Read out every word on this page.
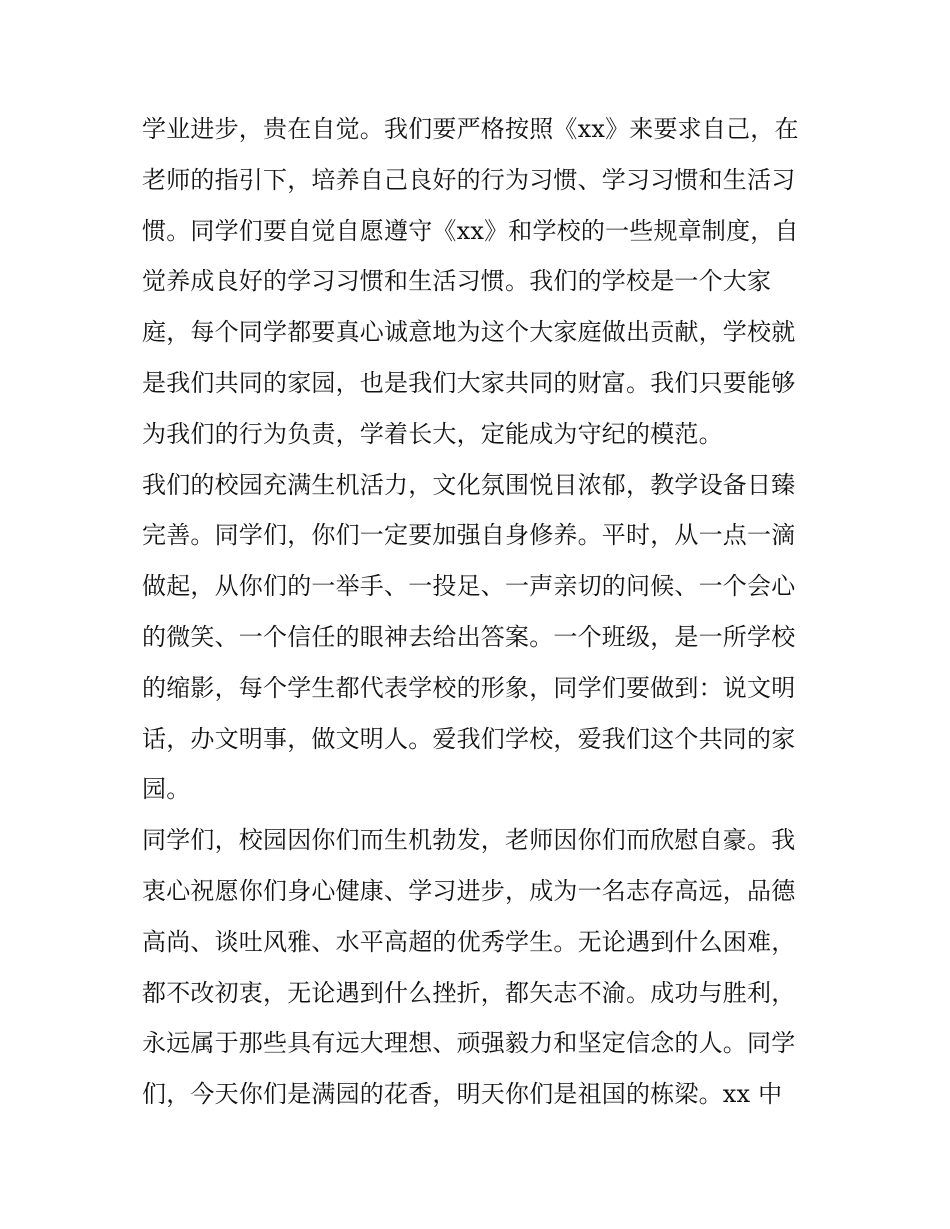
学业进步，贵在自觉。我们要严格按照《xx》来要求自己，在
老师的指引下，培养自己良好的行为习惯、学习习惯和生活习
惯。同学们要自觉自愿遵守《xx》和学校的一些规章制度，自
觉养成良好的学习习惯和生活习惯。我们的学校是一个大家
庭，每个同学都要真心诚意地为这个大家庭做出贡献，学校就
是我们共同的家园，也是我们大家共同的财富。我们只要能够
为我们的行为负责，学着长大，定能成为守纪的模范。
我们的校园充满生机活力，文化氛围悦目浓郁，教学设备日臻
完善。同学们，你们一定要加强自身修养。平时，从一点一滴
做起，从你们的一举手、一投足、一声亲切的问候、一个会心
的微笑、一个信任的眼神去给出答案。一个班级，是一所学校
的缩影，每个学生都代表学校的形象，同学们要做到：说文明
话，办文明事，做文明人。爱我们学校，爱我们这个共同的家
园。
同学们，校园因你们而生机勃发，老师因你们而欣慰自豪。我
衷心祝愿你们身心健康、学习进步，成为一名志存高远，品德
高尚、谈吐风雅、水平高超的优秀学生。无论遇到什么困难，
都不改初衷，无论遇到什么挫折，都矢志不渝。成功与胜利，
永远属于那些具有远大理想、顽强毅力和坚定信念的人。同学
们，今天你们是满园的花香，明天你们是祖国的栋梁。xx 中
